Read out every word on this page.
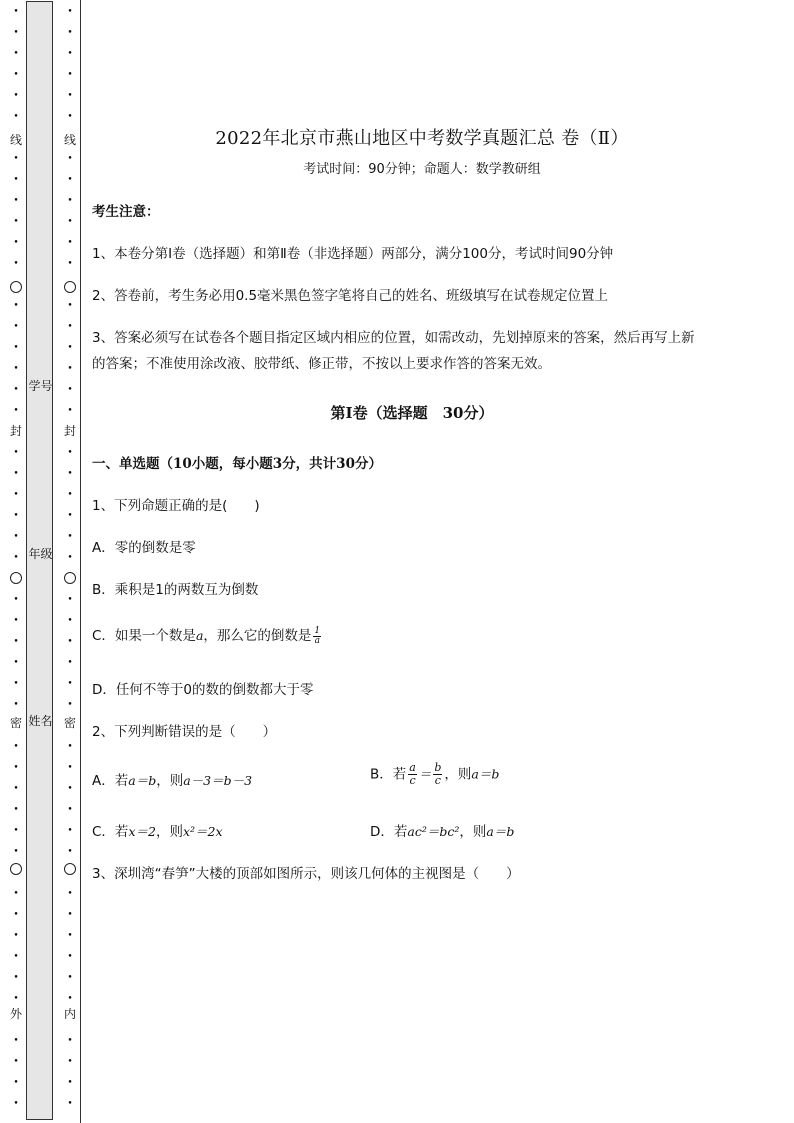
•
•
•
•
•
•
•
•
•
•
•
•
•
•
•
•
•
•
•
•
•
•
•
•
•
•
•
•
•
•
•
•
•
•
•
•
•
•
•
•
•
•
•
•
•
•
线
封
密
外
学号
年级
姓名
•
•
•
•
•
•
•
•
•
•
•
•
•
•
•
•
•
•
•
•
•
•
•
•
•
•
•
•
•
•
•
•
•
•
•
•
•
•
•
•
•
•
•
•
•
•
线
封
密
内
2022年北京市燕山地区中考数学真题汇总 卷（Ⅱ）
考试时间：90分钟；命题人：数学教研组
考生注意：
1、本卷分第Ⅰ卷（选择题）和第Ⅱ卷（非选择题）两部分，满分100分，考试时间90分钟
2、答卷前，考生务必用0.5毫米黑色签字笔将自己的姓名、班级填写在试卷规定位置上
3、答案必须写在试卷各个题目指定区域内相应的位置，如需改动，先划掉原来的答案，然后再写上新
的答案；不准使用涂改液、胶带纸、修正带，不按以上要求作答的答案无效。
第Ⅰ卷（选择题　30分）
一、单选题（10小题，每小题3分，共计30分）
1、下列命题正确的是(　　)
A．零的倒数是零
B．乘积是1的两数互为倒数
C．如果一个数是a，那么它的倒数是 $\frac{1}{a}$
D．任何不等于0的数的倒数都大于零
2、下列判断错误的是（　　）
A．若a＝b，则a－3＝b－3	B．若 $\frac{a}{c} = \frac{b}{c}$ ，则a＝b
C．若x＝2，则x²＝2x	D．若ac²＝bc²，则a＝b
3、深圳湾“春笋”大楼的顶部如图所示，则该几何体的主视图是（　　）
